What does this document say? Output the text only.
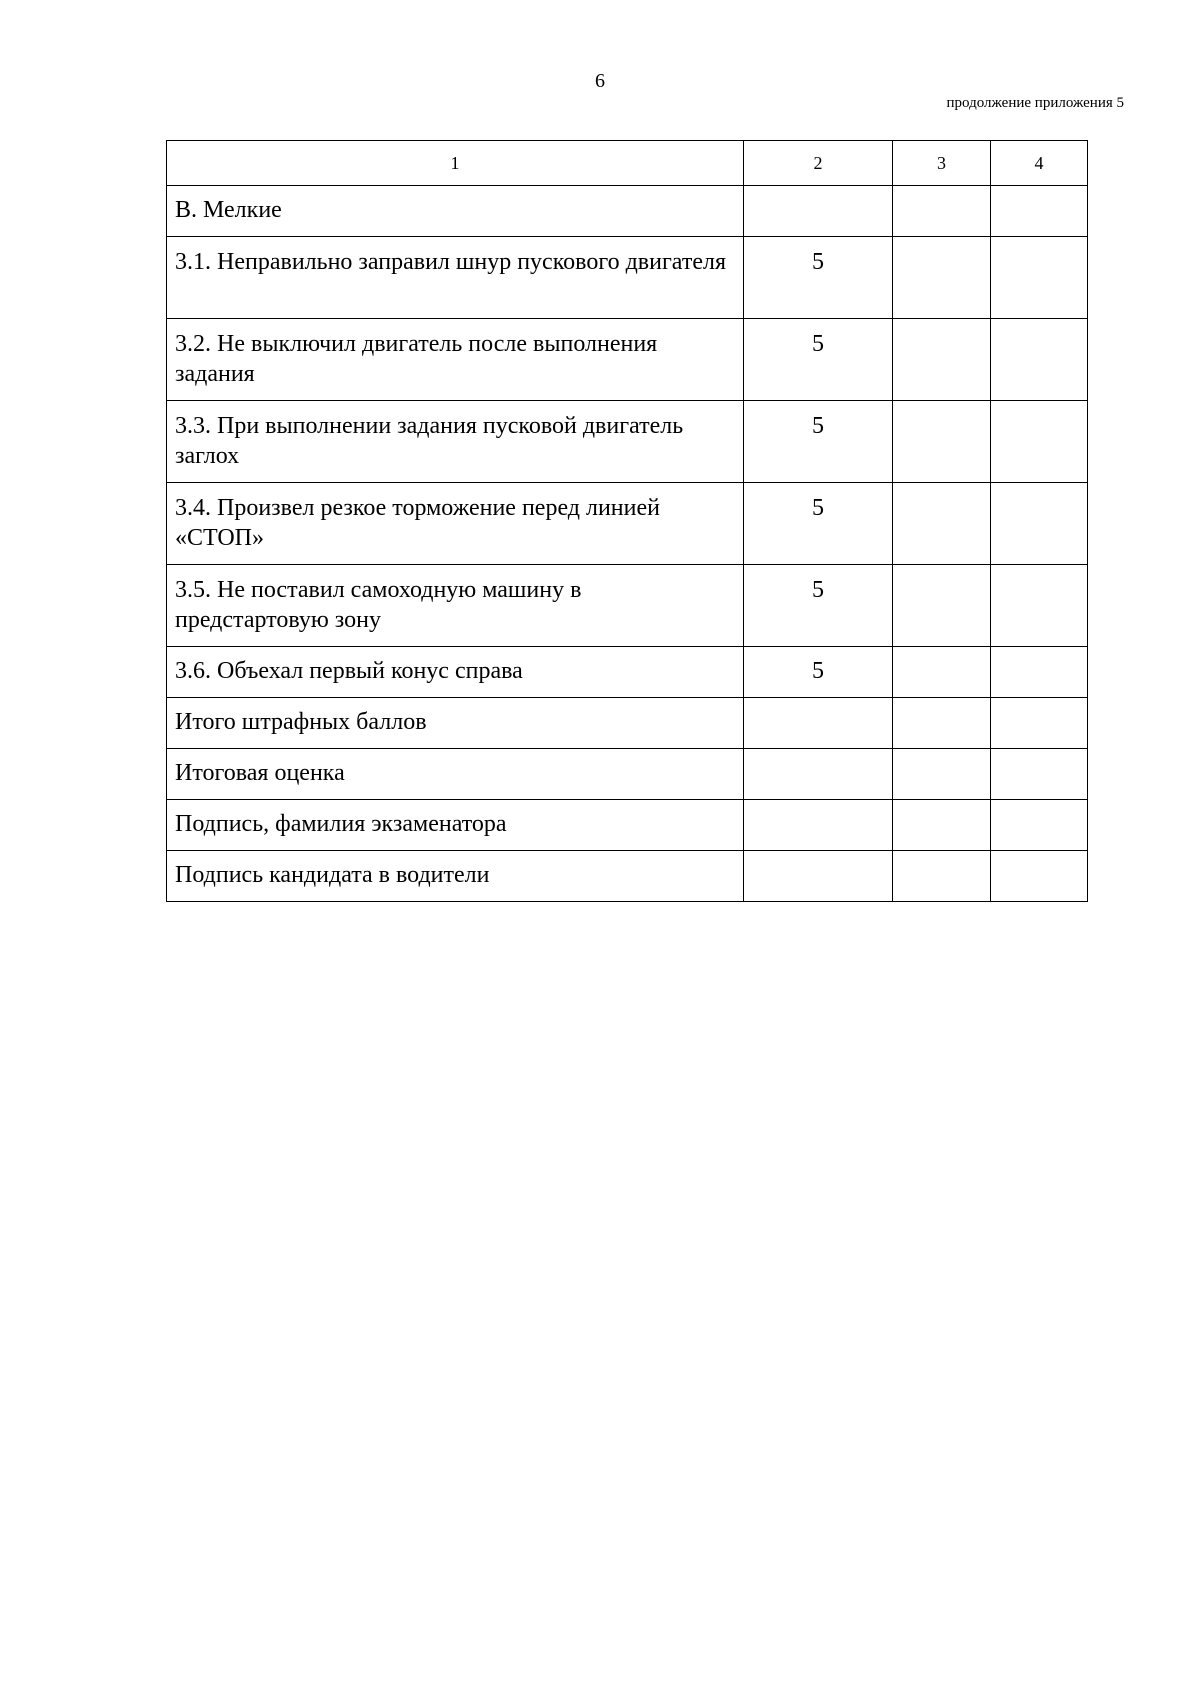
6
продолжение приложения 5
1	2	3	4
В. Мелкие			
3.1. Неправильно заправил шнур пускового двигателя	5		
3.2. Не выключил двигатель после выполнения задания	5		
3.3. При выполнении задания пусковой двигатель заглох	5		
3.4. Произвел резкое торможение перед линией «СТОП»	5		
3.5. Не поставил самоходную машину в предстартовую зону	5		
3.6. Объехал первый конус справа	5		
Итого штрафных баллов			
Итоговая оценка			
Подпись, фамилия экзаменатора			
Подпись кандидата в водители			
